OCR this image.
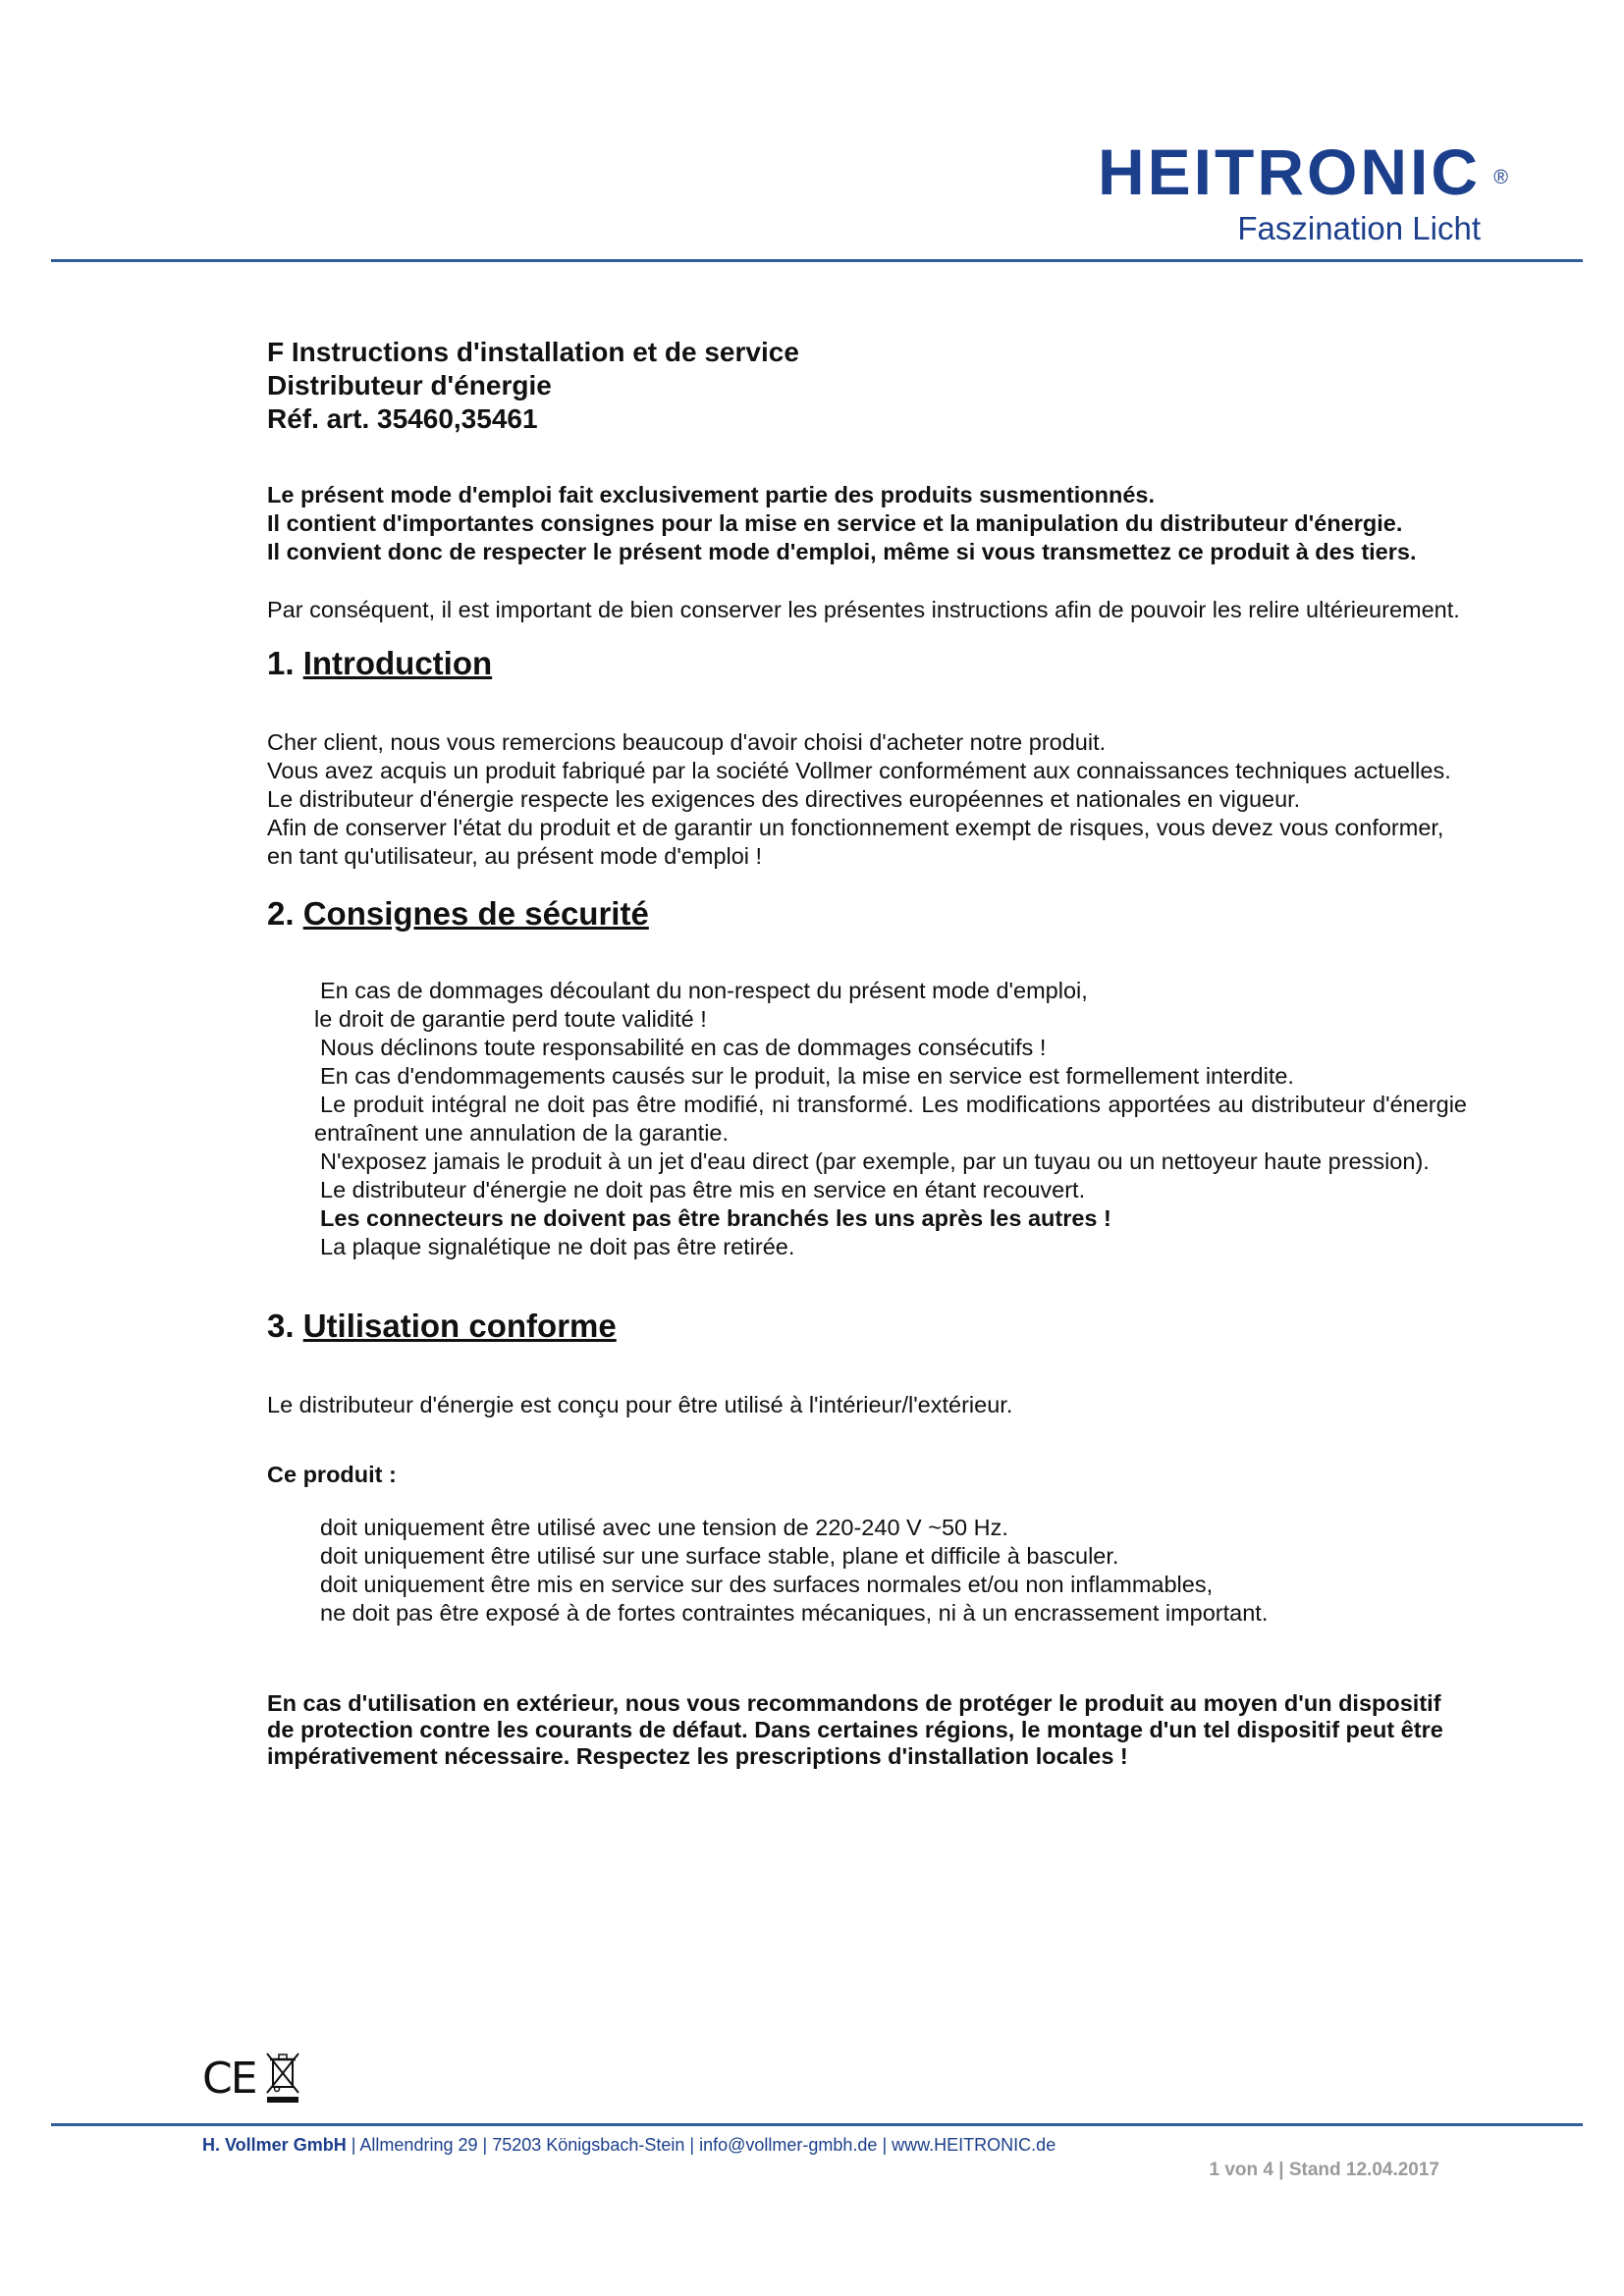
HEITRONIC ®
Faszination Licht
F Instructions d'installation et de service
Distributeur d'énergie
Réf. art. 35460,35461

Le présent mode d'emploi fait exclusivement partie des produits susmentionnés.

Il contient d'importantes consignes pour la mise en service et la manipulation du distributeur d'énergie.

Il convient donc de respecter le présent mode d'emploi, même si vous transmettez ce produit à des tiers.

Par conséquent, il est important de bien conserver les présentes instructions afin de pouvoir les relire ultérieurement.

1. Introduction

Cher client, nous vous remercions beaucoup d'avoir choisi d'acheter notre produit.

Vous avez acquis un produit fabriqué par la société Vollmer conformément aux connaissances techniques actuelles.

Le distributeur d'énergie respecte les exigences des directives européennes et nationales en vigueur.

Afin de conserver l'état du produit et de garantir un fonctionnement exempt de risques, vous devez vous conformer, en tant qu'utilisateur, au présent mode d'emploi !

2. Consignes de sécurité

En cas de dommages découlant du non-respect du présent mode d'emploi,

le droit de garantie perd toute validité !

Nous déclinons toute responsabilité en cas de dommages consécutifs !

En cas d'endommagements causés sur le produit, la mise en service est formellement interdite.

Le produit intégral ne doit pas être modifié, ni transformé. Les modifications apportées au distributeur d'énergie entraînent une annulation de la garantie.

N'exposez jamais le produit à un jet d'eau direct (par exemple, par un tuyau ou un nettoyeur haute pression).

Le distributeur d'énergie ne doit pas être mis en service en étant recouvert.

Les connecteurs ne doivent pas être branchés les uns après les autres !

La plaque signalétique ne doit pas être retirée.

3. Utilisation conforme

Le distributeur d'énergie est conçu pour être utilisé à l'intérieur/l'extérieur.

Ce produit :

doit uniquement être utilisé avec une tension de 220-240 V ~50 Hz.

doit uniquement être utilisé sur une surface stable, plane et difficile à basculer.

doit uniquement être mis en service sur des surfaces normales et/ou non inflammables,

ne doit pas être exposé à de fortes contraintes mécaniques, ni à un encrassement important.

En cas d'utilisation en extérieur, nous vous recommandons de protéger le produit au moyen d'un dispositif de protection contre les courants de défaut. Dans certaines régions, le montage d'un tel dispositif peut être impérativement nécessaire. Respectez les prescriptions d'installation locales !

CE
H. Vollmer GmbH | Allmendring 29 | 75203 Königsbach-Stein | info@vollmer-gmbh.de | www.HEITRONIC.de
1 von 4 | Stand 12.04.2017
